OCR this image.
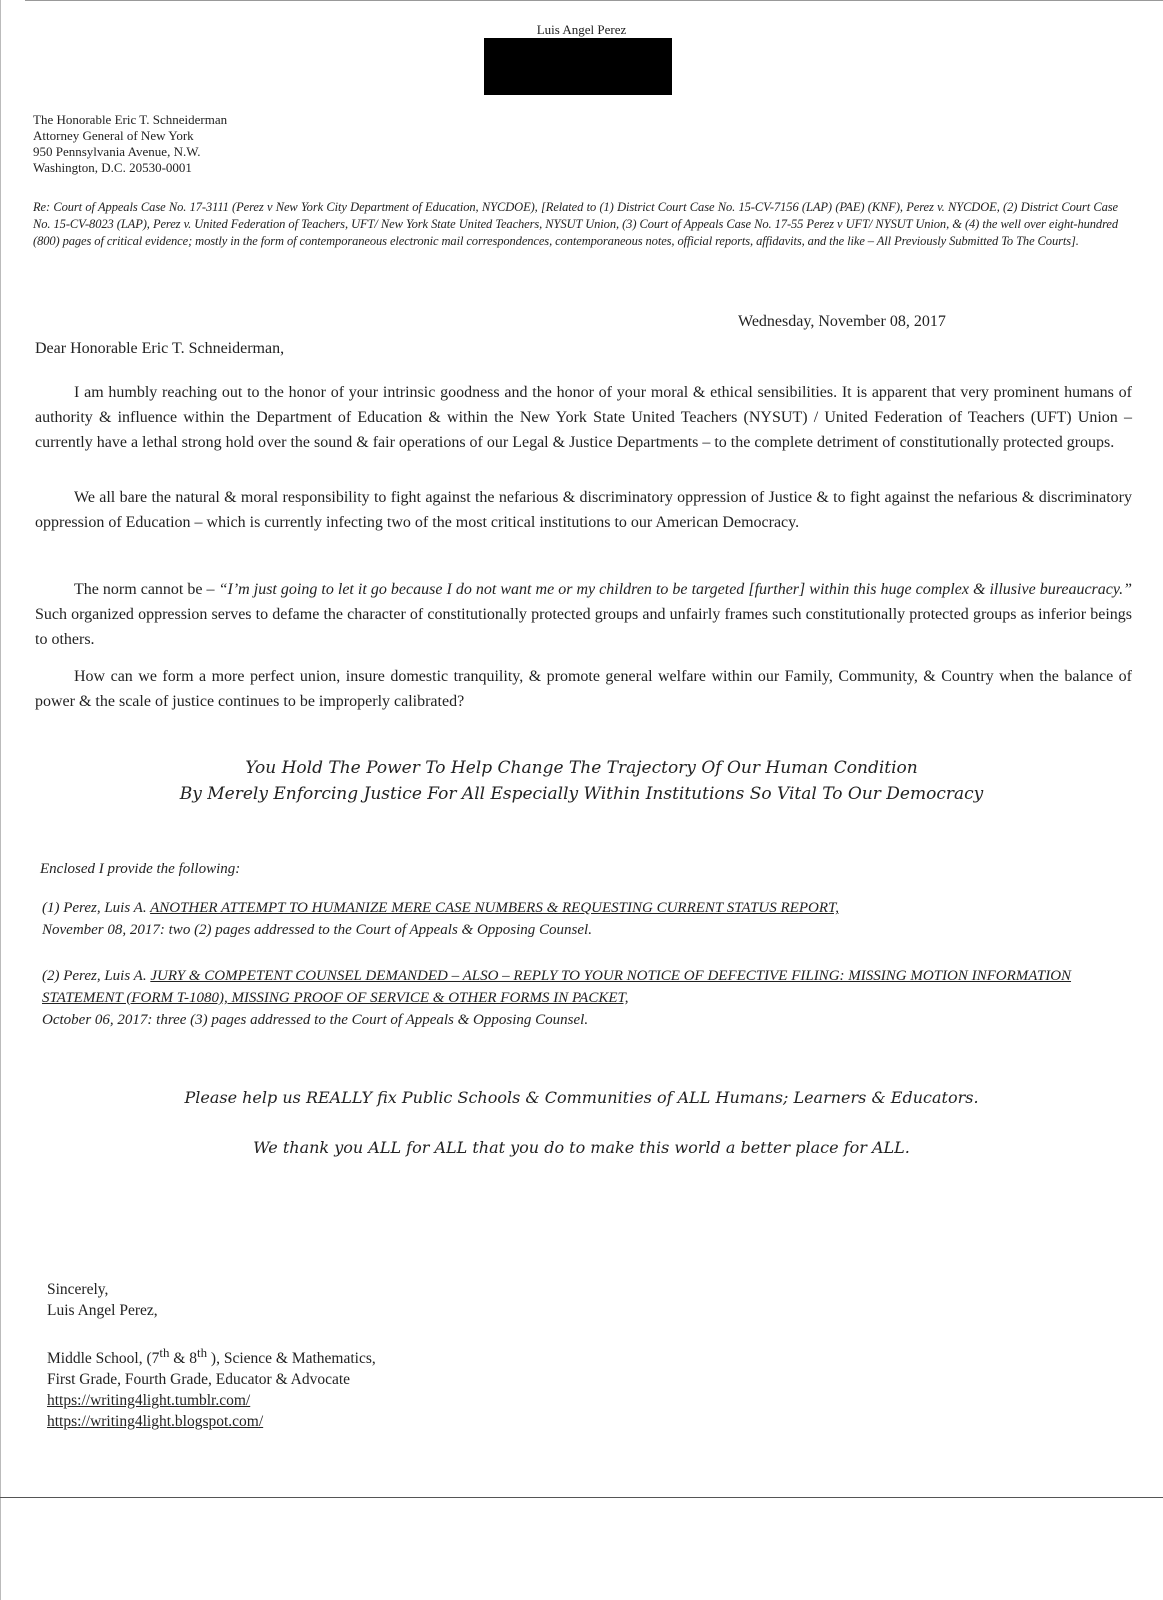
Luis Angel Perez
The Honorable Eric T. Schneiderman
Attorney General of New York
950 Pennsylvania Avenue, N.W.
Washington, D.C. 20530-0001
Re: Court of Appeals Case No. 17-3111 (Perez v New York City Department of Education, NYCDOE), [Related to (1) District Court Case No. 15-CV-7156 (LAP) (PAE) (KNF), Perez v. NYCDOE, (2) District Court Case No. 15-CV-8023 (LAP), Perez v. United Federation of Teachers, UFT/ New York State United Teachers, NYSUT Union, (3) Court of Appeals Case No. 17-55 Perez v UFT/ NYSUT Union, & (4) the well over eight-hundred (800) pages of critical evidence; mostly in the form of contemporaneous electronic mail correspondences, contemporaneous notes, official reports, affidavits, and the like – All Previously Submitted To The Courts].
Wednesday, November 08, 2017
Dear Honorable Eric T. Schneiderman,
I am humbly reaching out to the honor of your intrinsic goodness and the honor of your moral & ethical sensibilities. It is apparent that very prominent humans of authority & influence within the Department of Education & within the New York State United Teachers (NYSUT) / United Federation of Teachers (UFT) Union – currently have a lethal strong hold over the sound & fair operations of our Legal & Justice Departments – to the complete detriment of constitutionally protected groups.
We all bare the natural & moral responsibility to fight against the nefarious & discriminatory oppression of Justice & to fight against the nefarious & discriminatory oppression of Education – which is currently infecting two of the most critical institutions to our American Democracy.
The norm cannot be – “I’m just going to let it go because I do not want me or my children to be targeted [further] within this huge complex & illusive bureaucracy.” Such organized oppression serves to defame the character of constitutionally protected groups and unfairly frames such constitutionally protected groups as inferior beings to others.
How can we form a more perfect union, insure domestic tranquility, & promote general welfare within our Family, Community, & Country when the balance of power & the scale of justice continues to be improperly calibrated?
You Hold The Power To Help Change The Trajectory Of Our Human Condition
By Merely Enforcing Justice For All Especially Within Institutions So Vital To Our Democracy
Enclosed I provide the following:
(1) Perez, Luis A. ANOTHER ATTEMPT TO HUMANIZE MERE CASE NUMBERS & REQUESTING CURRENT STATUS REPORT,
November 08, 2017: two (2) pages addressed to the Court of Appeals & Opposing Counsel.
(2) Perez, Luis A. JURY & COMPETENT COUNSEL DEMANDED – ALSO – REPLY TO YOUR NOTICE OF DEFECTIVE FILING: MISSING MOTION INFORMATION STATEMENT (FORM T-1080), MISSING PROOF OF SERVICE & OTHER FORMS IN PACKET,
October 06, 2017: three (3) pages addressed to the Court of Appeals & Opposing Counsel.
Please help us REALLY fix Public Schools & Communities of ALL Humans; Learners & Educators.
We thank you ALL for ALL that you do to make this world a better place for ALL.
Sincerely,
Luis Angel Perez,
Middle School, (7th & 8th ), Science & Mathematics,
First Grade, Fourth Grade, Educator & Advocate
https://writing4light.tumblr.com/
https://writing4light.blogspot.com/
